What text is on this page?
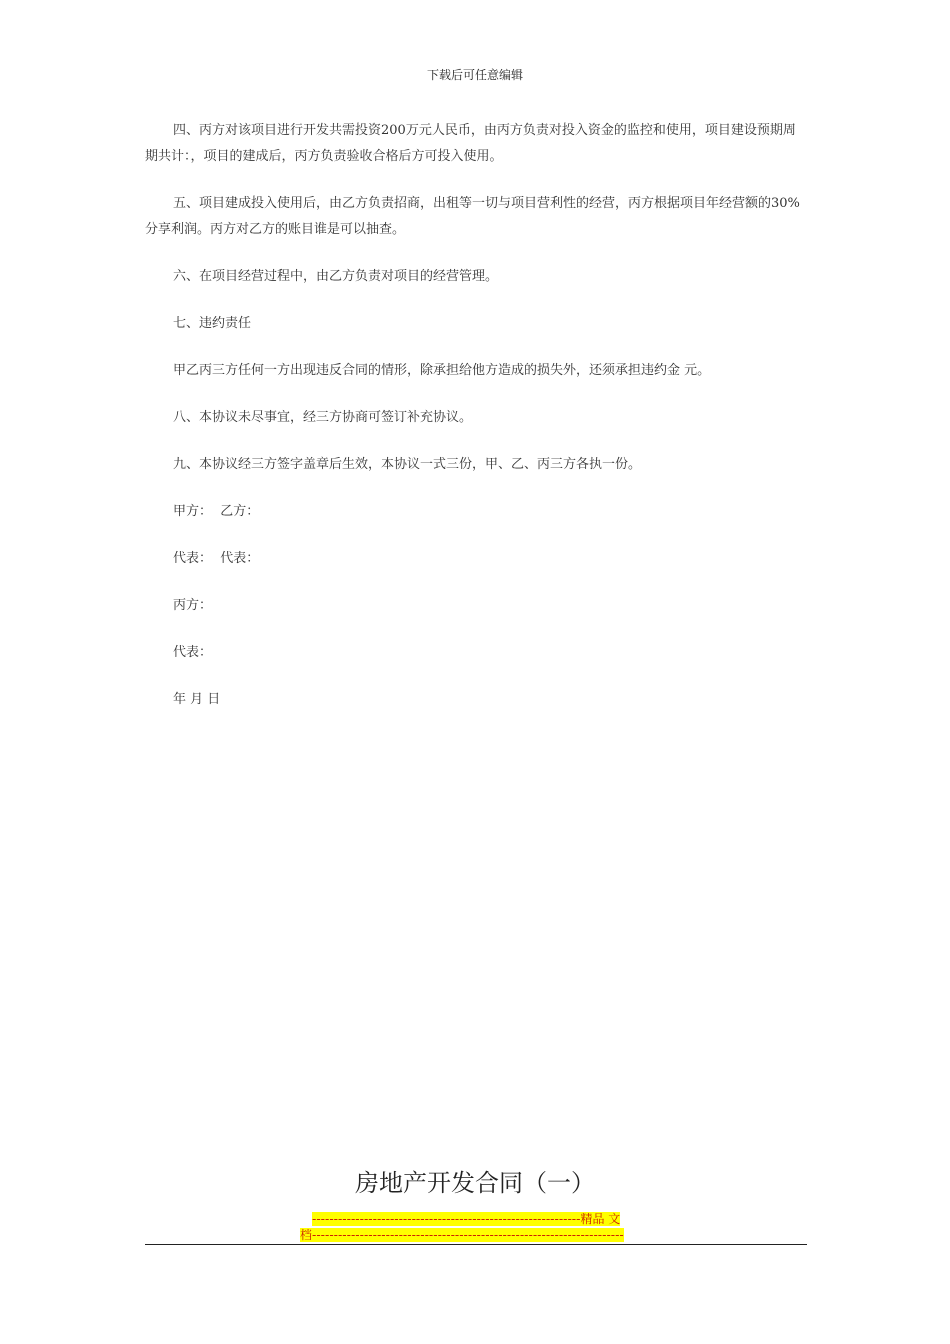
下载后可任意编辑

四、丙方对该项目进行开发共需投资200万元人民币，由丙方负责对投入资金的监控和使用，项目建设预期周期共计：，项目的建成后，丙方负责验收合格后方可投入使用。

五、项目建成投入使用后，由乙方负责招商，出租等一切与项目营利性的经营，丙方根据项目年经营额的30%分享利润。丙方对乙方的账目谁是可以抽查。

六、在项目经营过程中，由乙方负责对项目的经营管理。

七、违约责任

甲乙丙三方任何一方出现违反合同的情形，除承担给他方造成的损失外，还须承担违约金 元。

八、本协议未尽事宜，经三方协商可签订补充协议。

九、本协议经三方签字盖章后生效，本协议一式三份，甲、乙、丙三方各执一份。

甲方：  乙方：
代表：  代表：
丙方：
代表：
年 月 日
房地产开发合同（一）
--------------------------------------------------------------精品 文
档------------------------------------------------------------------------
